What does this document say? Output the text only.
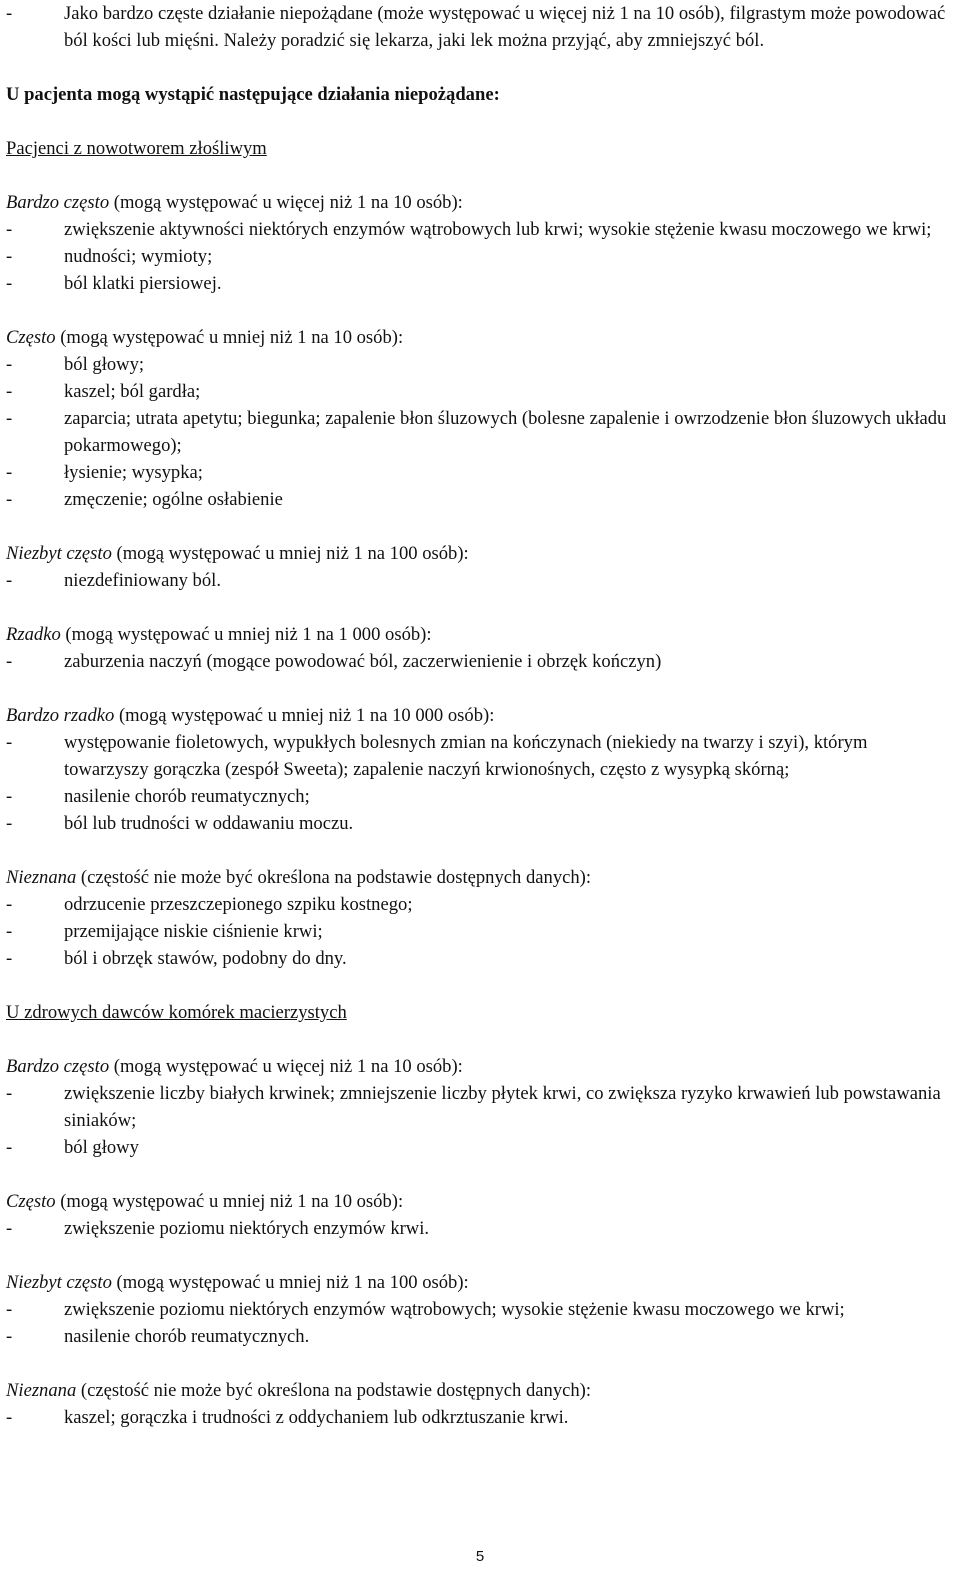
-	Jako bardzo częste działanie niepożądane (może występować u więcej niż 1 na 10 osób), filgrastym może powodować ból kości lub mięśni. Należy poradzić się lekarza, jaki lek można przyjąć, aby zmniejszyć ból.
U pacjenta mogą wystąpić następujące działania niepożądane:
Pacjenci z nowotworem złośliwym
Bardzo często (mogą występować u więcej niż 1 na 10 osób):
-	zwiększenie aktywności niektórych enzymów wątrobowych lub krwi; wysokie stężenie kwasu moczowego we krwi;
-	nudności; wymioty;
-	ból klatki piersiowej.
Często (mogą występować u mniej niż 1 na 10 osób):
-	ból głowy;
-	kaszel; ból gardła;
-	zaparcia; utrata apetytu; biegunka; zapalenie błon śluzowych (bolesne zapalenie i owrzodzenie błon śluzowych układu pokarmowego);
-	łysienie; wysypka;
-	zmęczenie; ogólne osłabienie
Niezbyt często (mogą występować u mniej niż 1 na 100 osób):
-	niezdefiniowany ból.
Rzadko (mogą występować u mniej niż 1 na 1 000 osób):
-	zaburzenia naczyń (mogące powodować ból, zaczerwienienie i obrzęk kończyn)
Bardzo rzadko (mogą występować u mniej niż 1 na 10 000 osób):
-	występowanie fioletowych, wypukłych bolesnych zmian na kończynach (niekiedy na twarzy i szyi), którym towarzyszy gorączka (zespół Sweeta); zapalenie naczyń krwionośnych, często z wysypką skórną;
-	nasilenie chorób reumatycznych;
-	ból lub trudności w oddawaniu moczu.
Nieznana (częstość nie może być określona na podstawie dostępnych danych):
-	odrzucenie przeszczepionego szpiku kostnego;
-	przemijające niskie ciśnienie krwi;
-	ból i obrzęk stawów, podobny do dny.
U zdrowych dawców komórek macierzystych
Bardzo często (mogą występować u więcej niż 1 na 10 osób):
-	zwiększenie liczby białych krwinek; zmniejszenie liczby płytek krwi, co zwiększa ryzyko krwawień lub powstawania siniaków;
-	ból głowy
Często (mogą występować u mniej niż 1 na 10 osób):
-	zwiększenie poziomu niektórych enzymów krwi.
Niezbyt często (mogą występować u mniej niż 1 na 100 osób):
-	zwiększenie poziomu niektórych enzymów wątrobowych; wysokie stężenie kwasu moczowego we krwi;
-	nasilenie chorób reumatycznych.
Nieznana (częstość nie może być określona na podstawie dostępnych danych):
-	kaszel; gorączka i trudności z oddychaniem lub odkrztuszanie krwi.
5
